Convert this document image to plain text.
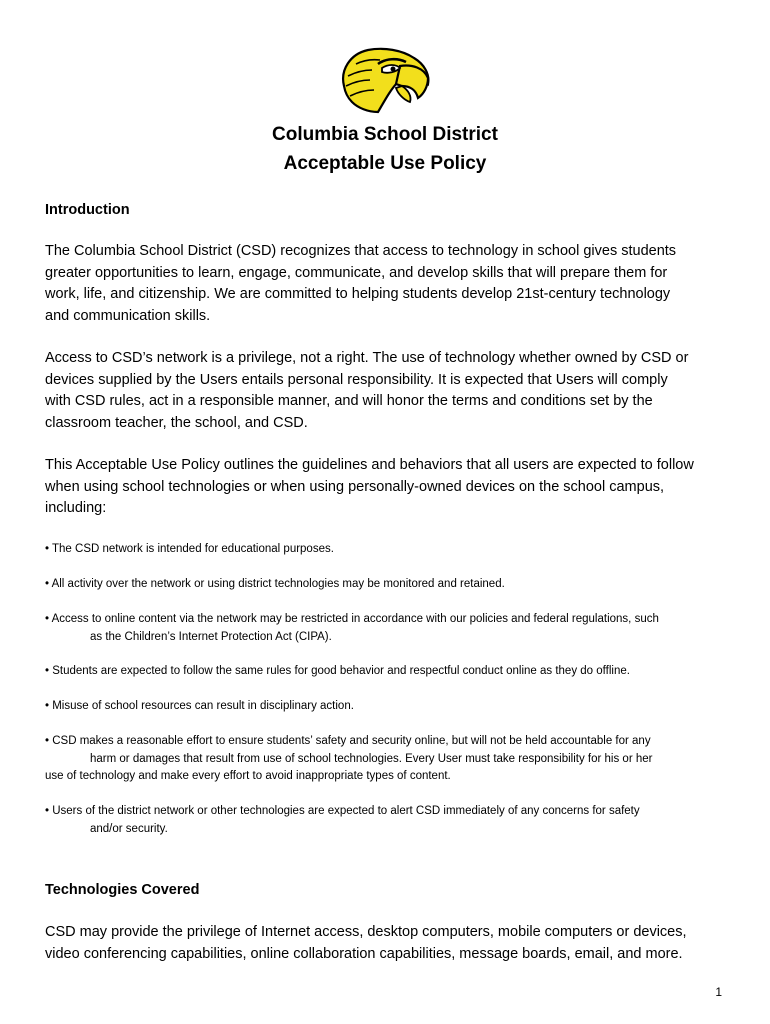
Columbia School District
Acceptable Use Policy
Introduction
The Columbia School District (CSD) recognizes that access to technology in school gives students
greater opportunities to learn, engage, communicate, and develop skills that will prepare them for
work, life, and citizenship. We are committed to helping students develop 21st-century technology
and communication skills.
Access to CSD’s network is a privilege, not a right. The use of technology whether owned by CSD or
devices supplied by the Users entails personal responsibility. It is expected that Users will comply
with CSD rules, act in a responsible manner, and will honor the terms and conditions set by the
classroom teacher, the school, and CSD.
This Acceptable Use Policy outlines the guidelines and behaviors that all users are expected to follow
when using school technologies or when using personally-owned devices on the school campus,
including:
• The CSD network is intended for educational purposes.
• All activity over the network or using district technologies may be monitored and retained.
• Access to online content via the network may be restricted in accordance with our policies and federal regulations, such
as the Children’s Internet Protection Act (CIPA).
• Students are expected to follow the same rules for good behavior and respectful conduct online as they do offline.
• Misuse of school resources can result in disciplinary action.
• CSD makes a reasonable effort to ensure students’ safety and security online, but will not be held accountable for any
harm or damages that result from use of school technologies. Every User must take responsibility for his or her
use of technology and make every effort to avoid inappropriate types of content.
• Users of the district network or other technologies are expected to alert CSD immediately of any concerns for safety
and/or security.
Technologies Covered
CSD may provide the privilege of Internet access, desktop computers, mobile computers or devices,
video conferencing capabilities, online collaboration capabilities, message boards, email, and more.
1
